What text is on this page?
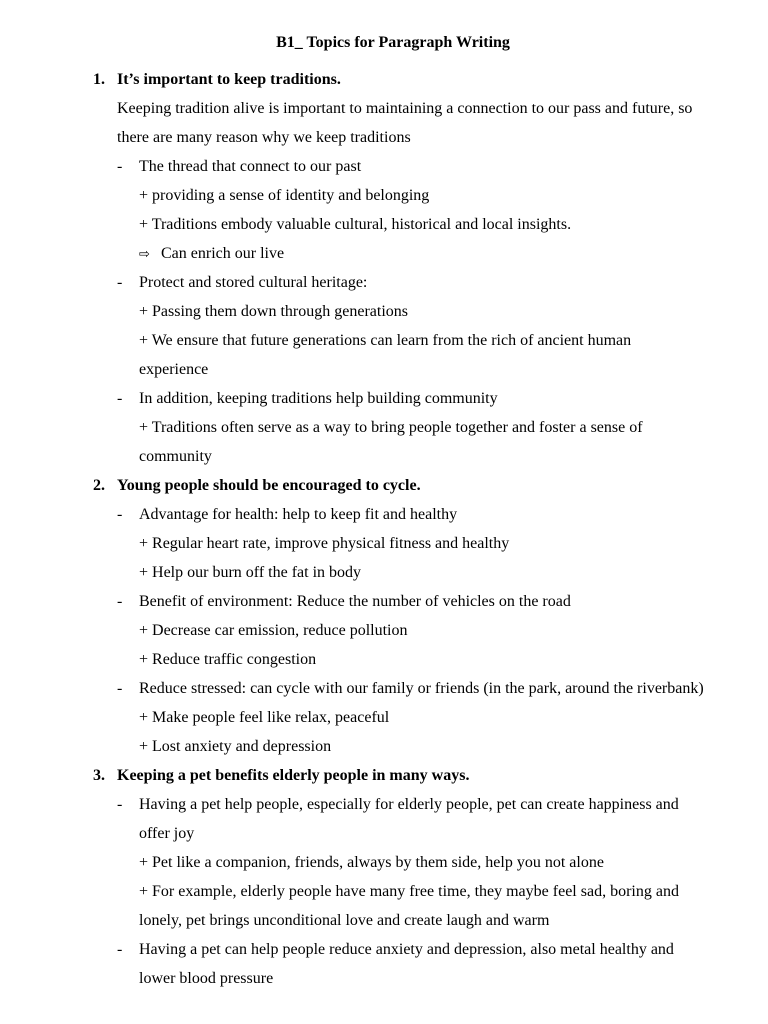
B1_ Topics for Paragraph Writing
1. It’s important to keep traditions.
Keeping tradition alive is important to maintaining a connection to our pass and future, so
there are many reason why we keep traditions
- The thread that connect to our past
+ providing a sense of identity and belonging
+ Traditions embody valuable cultural, historical and local insights.
⇨ Can enrich our live
- Protect and stored cultural heritage:
+ Passing them down through generations
+ We ensure that future generations can learn from the rich of ancient human
experience
- In addition, keeping traditions help building community
+ Traditions often serve as a way to bring people together and foster a sense of
community
2. Young people should be encouraged to cycle.
- Advantage for health: help to keep fit and healthy
+ Regular heart rate, improve physical fitness and healthy
+ Help our burn off the fat in body
- Benefit of environment: Reduce the number of vehicles on the road
+ Decrease car emission, reduce pollution
+ Reduce traffic congestion
- Reduce stressed: can cycle with our family or friends (in the park, around the riverbank)
+ Make people feel like relax, peaceful
+ Lost anxiety and depression
3. Keeping a pet benefits elderly people in many ways.
- Having a pet help people, especially for elderly people, pet can create happiness and
offer joy
+ Pet like a companion, friends, always by them side, help you not alone
+ For example, elderly people have many free time, they maybe feel sad, boring and
lonely, pet brings unconditional love and create laugh and warm
- Having a pet can help people reduce anxiety and depression, also metal healthy and
lower blood pressure
